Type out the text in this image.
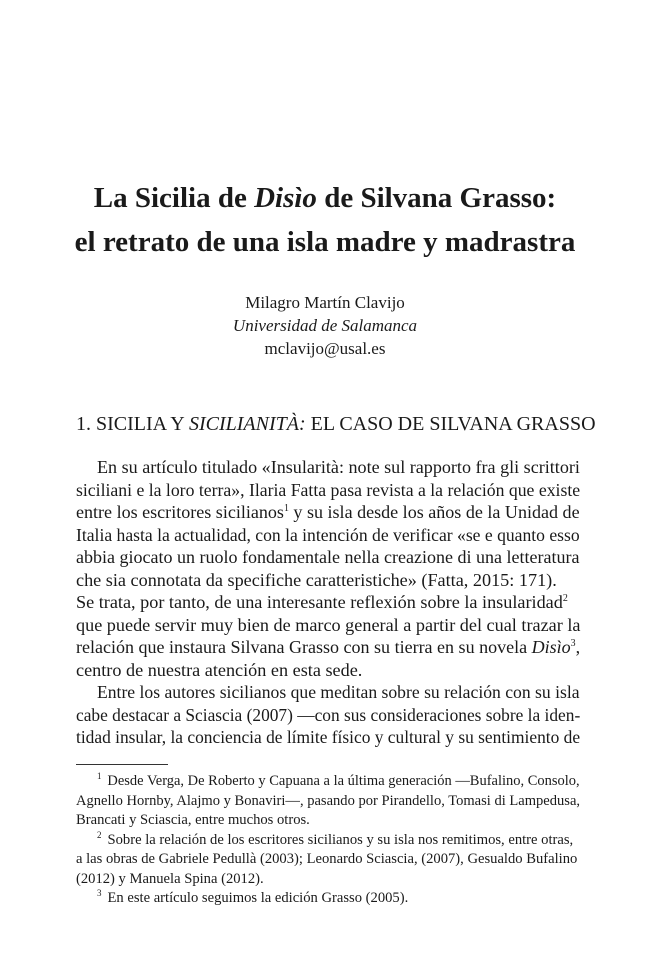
La Sicilia de Disìo de Silvana Grasso:
el retrato de una isla madre y madrastra
Milagro Martín Clavijo
Universidad de Salamanca
mclavijo@usal.es
1. SICILIA Y SICILIANITÀ: EL CASO DE SILVANA GRASSO
En su artículo titulado «Insularità: note sul rapporto fra gli scrittori
siciliani e la loro terra», Ilaria Fatta pasa revista a la relación que existe
entre los escritores sicilianos$^1$ y su isla desde los años de la Unidad de
Italia hasta la actualidad, con la intención de verificar «se e quanto esso
abbia giocato un ruolo fondamentale nella creazione di una letteratura
che sia connotata da specifiche caratteristiche» (Fatta, 2015: 171).
Se trata, por tanto, de una interesante reflexión sobre la insularidad$^2$
que puede servir muy bien de marco general a partir del cual trazar la
relación que instaura Silvana Grasso con su tierra en su novela Disìo$^3$,
centro de nuestra atención en esta sede.
Entre los autores sicilianos que meditan sobre su relación con su isla
cabe destacar a Sciascia (2007) —con sus consideraciones sobre la iden-
tidad insular, la conciencia de límite físico y cultural y su sentimiento de
$^1$ Desde Verga, De Roberto y Capuana a la última generación —Bufalino, Consolo,
Agnello Hornby, Alajmo y Bonaviri—, pasando por Pirandello, Tomasi di Lampedusa,
Brancati y Sciascia, entre muchos otros.
$^2$ Sobre la relación de los escritores sicilianos y su isla nos remitimos, entre otras,
a las obras de Gabriele Pedullà (2003); Leonardo Sciascia, (2007), Gesualdo Bufalino
(2012) y Manuela Spina (2012).
$^3$ En este artículo seguimos la edición Grasso (2005).
